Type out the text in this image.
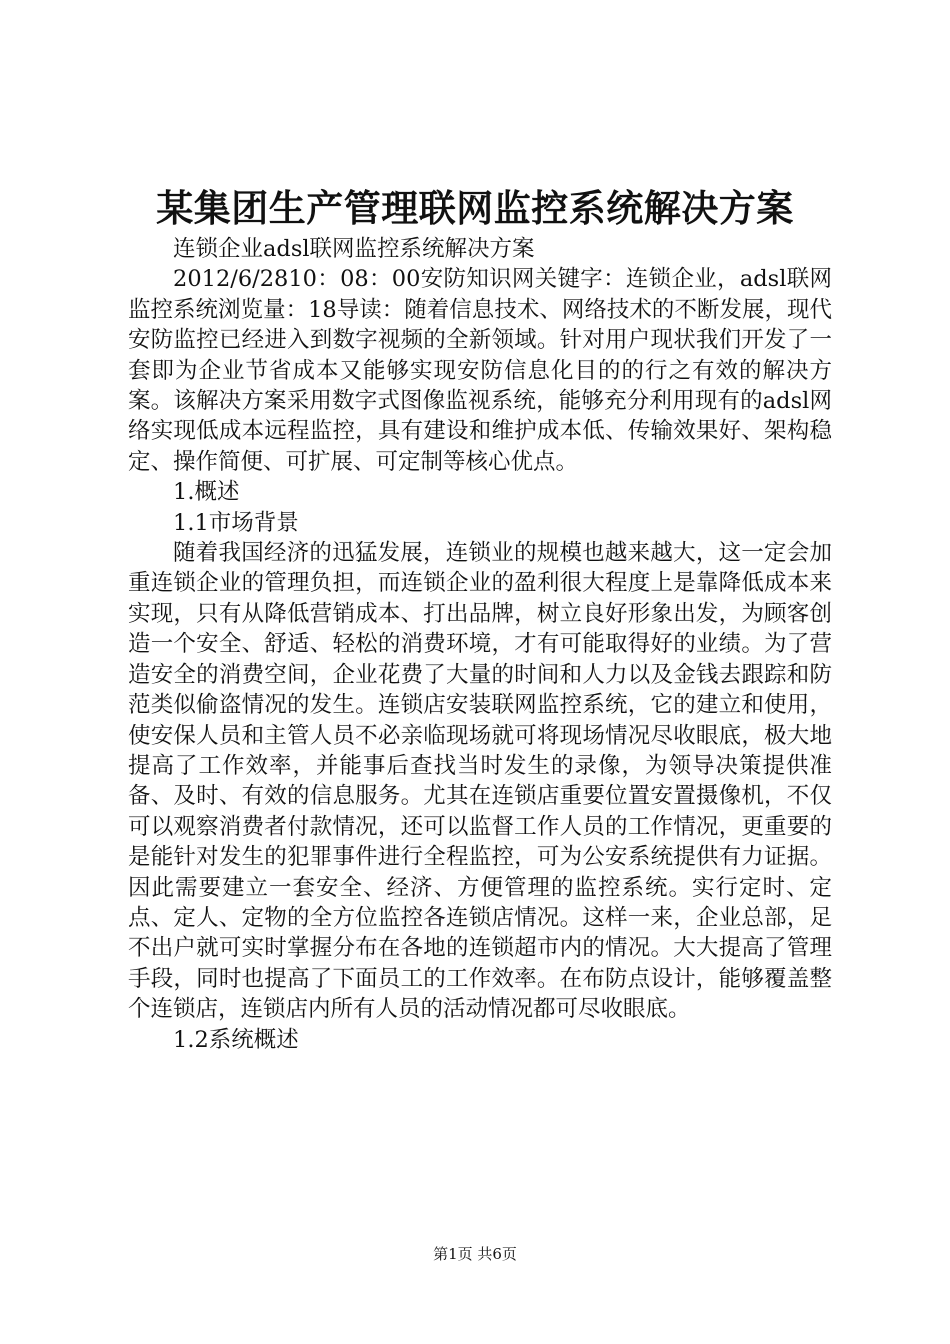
某集团生产管理联网监控系统解决方案

连锁企业adsl联网监控系统解决方案

2012/6/2810：08：00安防知识网关键字：连锁企业，adsl联网监控系统浏览量：18导读：随着信息技术、网络技术的不断发展，现代安防监控已经进入到数字视频的全新领域。针对用户现状我们开发了一套即为企业节省成本又能够实现安防信息化目的的行之有效的解决方案。该解决方案采用数字式图像监视系统，能够充分利用现有的adsl网络实现低成本远程监控，具有建设和维护成本低、传输效果好、架构稳定、操作简便、可扩展、可定制等核心优点。

1.概述

1.1市场背景

随着我国经济的迅猛发展，连锁业的规模也越来越大，这一定会加重连锁企业的管理负担，而连锁企业的盈利很大程度上是靠降低成本来实现，只有从降低营销成本、打出品牌，树立良好形象出发，为顾客创造一个安全、舒适、轻松的消费环境，才有可能取得好的业绩。为了营造安全的消费空间，企业花费了大量的时间和人力以及金钱去跟踪和防范类似偷盗情况的发生。连锁店安装联网监控系统，它的建立和使用，使安保人员和主管人员不必亲临现场就可将现场情况尽收眼底，极大地提高了工作效率，并能事后查找当时发生的录像，为领导决策提供准备、及时、有效的信息服务。尤其在连锁店重要位置安置摄像机，不仅可以观察消费者付款情况，还可以监督工作人员的工作情况，更重要的是能针对发生的犯罪事件进行全程监控，可为公安系统提供有力证据。因此需要建立一套安全、经济、方便管理的监控系统。实行定时、定点、定人、定物的全方位监控各连锁店情况。这样一来，企业总部，足不出户就可实时掌握分布在各地的连锁超市内的情况。大大提高了管理手段，同时也提高了下面员工的工作效率。在布防点设计，能够覆盖整个连锁店，连锁店内所有人员的活动情况都可尽收眼底。

1.2系统概述

第1页 共6页
